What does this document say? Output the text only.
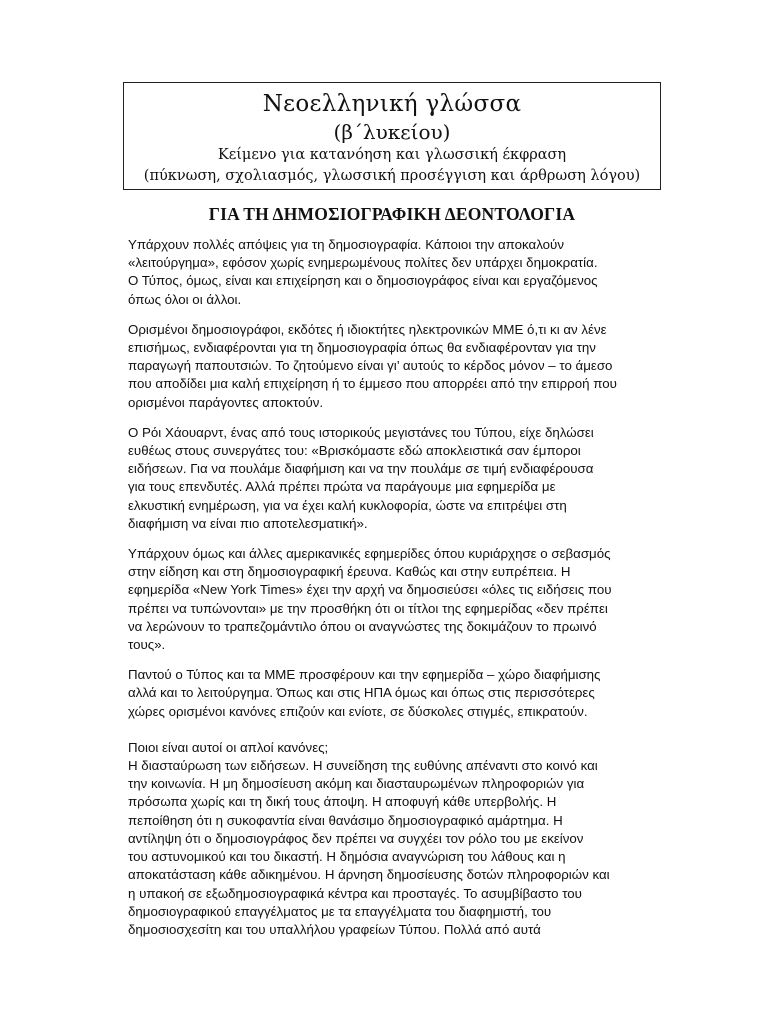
Νεοελληνική γλώσσα
(β΄λυκείου)
Κείμενο για κατανόηση και γλωσσική έκφραση
(πύκνωση, σχολιασμός, γλωσσική προσέγγιση και άρθρωση λόγου)
ΓΙΑ ΤΗ ΔΗΜΟΣΙΟΓΡΑΦΙΚΗ ΔΕΟΝΤΟΛΟΓΙΑ

Υπάρχουν πολλές απόψεις για τη δημοσιογραφία. Κάποιοι την αποκαλούν
«λειτούργημα», εφόσον χωρίς ενημερωμένους πολίτες δεν υπάρχει δημοκρατία.
Ο Τύπος, όμως, είναι και επιχείρηση και ο δημοσιογράφος είναι και εργαζόμενος
όπως όλοι οι άλλοι.

Ορισμένοι δημοσιογράφοι, εκδότες ή ιδιοκτήτες ηλεκτρονικών ΜΜΕ ό,τι κι αν λένε
επισήμως, ενδιαφέρονται για τη δημοσιογραφία όπως θα ενδιαφέρονταν για την
παραγωγή παπουτσιών. Το ζητούμενο είναι γι’ αυτούς το κέρδος μόνον – το άμεσο
που αποδίδει μια καλή επιχείρηση ή το έμμεσο που απορρέει από την επιρροή που
ορισμένοι παράγοντες αποκτούν.

Ο Ρόι Χάουαρντ, ένας από τους ιστορικούς μεγιστάνες του Τύπου, είχε δηλώσει
ευθέως στους συνεργάτες του: «Βρισκόμαστε εδώ αποκλειστικά σαν έμποροι
ειδήσεων. Για να πουλάμε διαφήμιση και να την πουλάμε σε τιμή ενδιαφέρουσα
για τους επενδυτές. Αλλά πρέπει πρώτα να παράγουμε μια εφημερίδα με
ελκυστική ενημέρωση, για να έχει καλή κυκλοφορία, ώστε να επιτρέψει στη
διαφήμιση να είναι πιο αποτελεσματική».

Υπάρχουν όμως και άλλες αμερικανικές εφημερίδες όπου κυριάρχησε ο σεβασμός
στην είδηση και στη δημοσιογραφική έρευνα. Καθώς και στην ευπρέπεια. Η
εφημερίδα «New York Times» έχει την αρχή να δημοσιεύσει «όλες τις ειδήσεις που
πρέπει να τυπώνονται» με την προσθήκη ότι οι τίτλοι της εφημερίδας «δεν πρέπει
να λερώνουν το τραπεζομάντιλο όπου οι αναγνώστες της δοκιμάζουν το πρωινό
τους».

Παντού ο Τύπος και τα ΜΜΕ προσφέρουν και την εφημερίδα – χώρο διαφήμισης
αλλά και το λειτούργημα. Όπως και στις ΗΠΑ όμως και όπως στις περισσότερες
χώρες ορισμένοι κανόνες επιζούν και ενίοτε, σε δύσκολες στιγμές, επικρατούν.

Ποιοι είναι αυτοί οι απλοί κανόνες;
Η διασταύρωση των ειδήσεων. Η συνείδηση της ευθύνης απέναντι στο κοινό και
την κοινωνία. Η μη δημοσίευση ακόμη και διασταυρωμένων πληροφοριών για
πρόσωπα χωρίς και τη δική τους άποψη. Η αποφυγή κάθε υπερβολής. Η
πεποίθηση ότι η συκοφαντία είναι θανάσιμο δημοσιογραφικό αμάρτημα. Η
αντίληψη ότι ο δημοσιογράφος δεν πρέπει να συγχέει τον ρόλο του με εκείνον
του αστυνομικού και του δικαστή. Η δημόσια αναγνώριση του λάθους και η
αποκατάσταση κάθε αδικημένου. Η άρνηση δημοσίευσης δοτών πληροφοριών και
η υπακοή σε εξωδημοσιογραφικά κέντρα και προσταγές. Το ασυμβίβαστο του
δημοσιογραφικού επαγγέλματος με τα επαγγέλματα του διαφημιστή, του
δημοσιοσχεσίτη και του υπαλλήλου γραφείων Τύπου. Πολλά από αυτά
